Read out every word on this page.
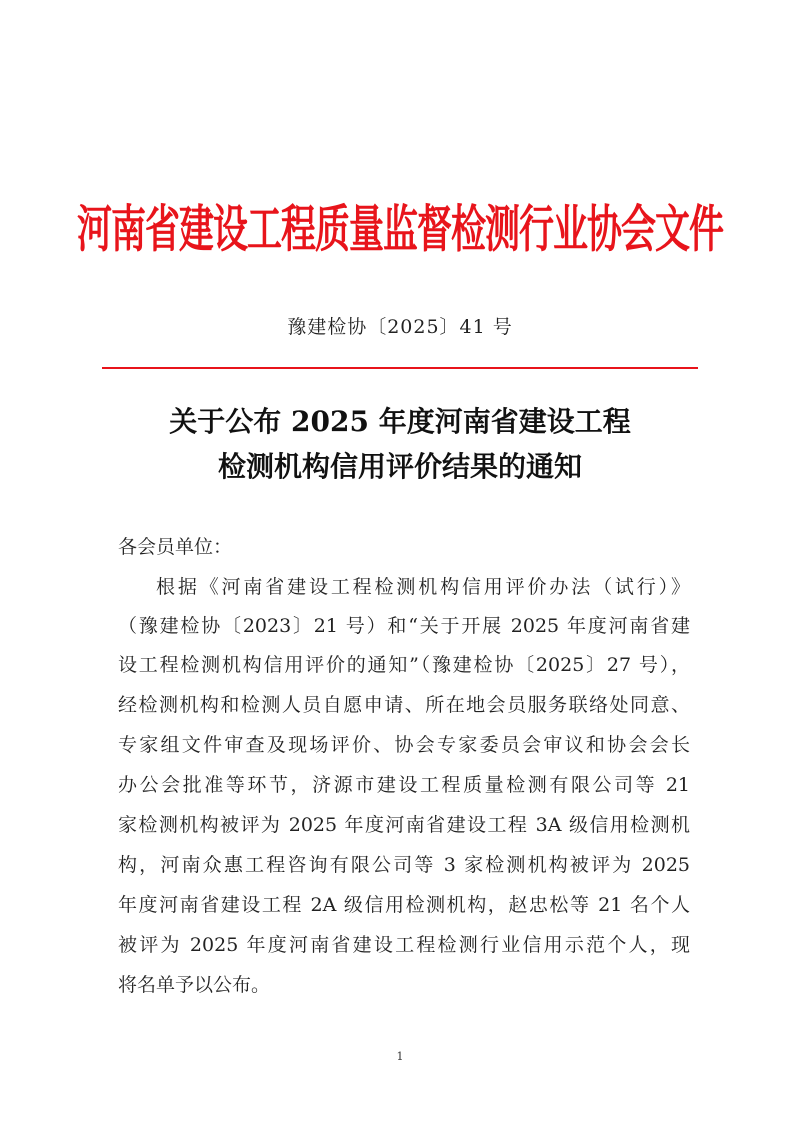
河南省建设工程质量监督检测行业协会文件
豫建检协〔2025〕41 号
关于公布 2025 年度河南省建设工程
检测机构信用评价结果的通知
各会员单位：
根据《河南省建设工程检测机构信用评价办法（试行）》
（豫建检协〔2023〕21 号）和“关于开展 2025 年度河南省建
设工程检测机构信用评价的通知”（豫建检协〔2025〕27 号），
经检测机构和检测人员自愿申请、所在地会员服务联络处同意、
专家组文件审查及现场评价、协会专家委员会审议和协会会长
办公会批准等环节，济源市建设工程质量检测有限公司等 21
家检测机构被评为 2025 年度河南省建设工程 3A 级信用检测机
构，河南众惠工程咨询有限公司等 3 家检测机构被评为 2025
年度河南省建设工程 2A 级信用检测机构，赵忠松等 21 名个人
被评为 2025 年度河南省建设工程检测行业信用示范个人，现
将名单予以公布。
1
